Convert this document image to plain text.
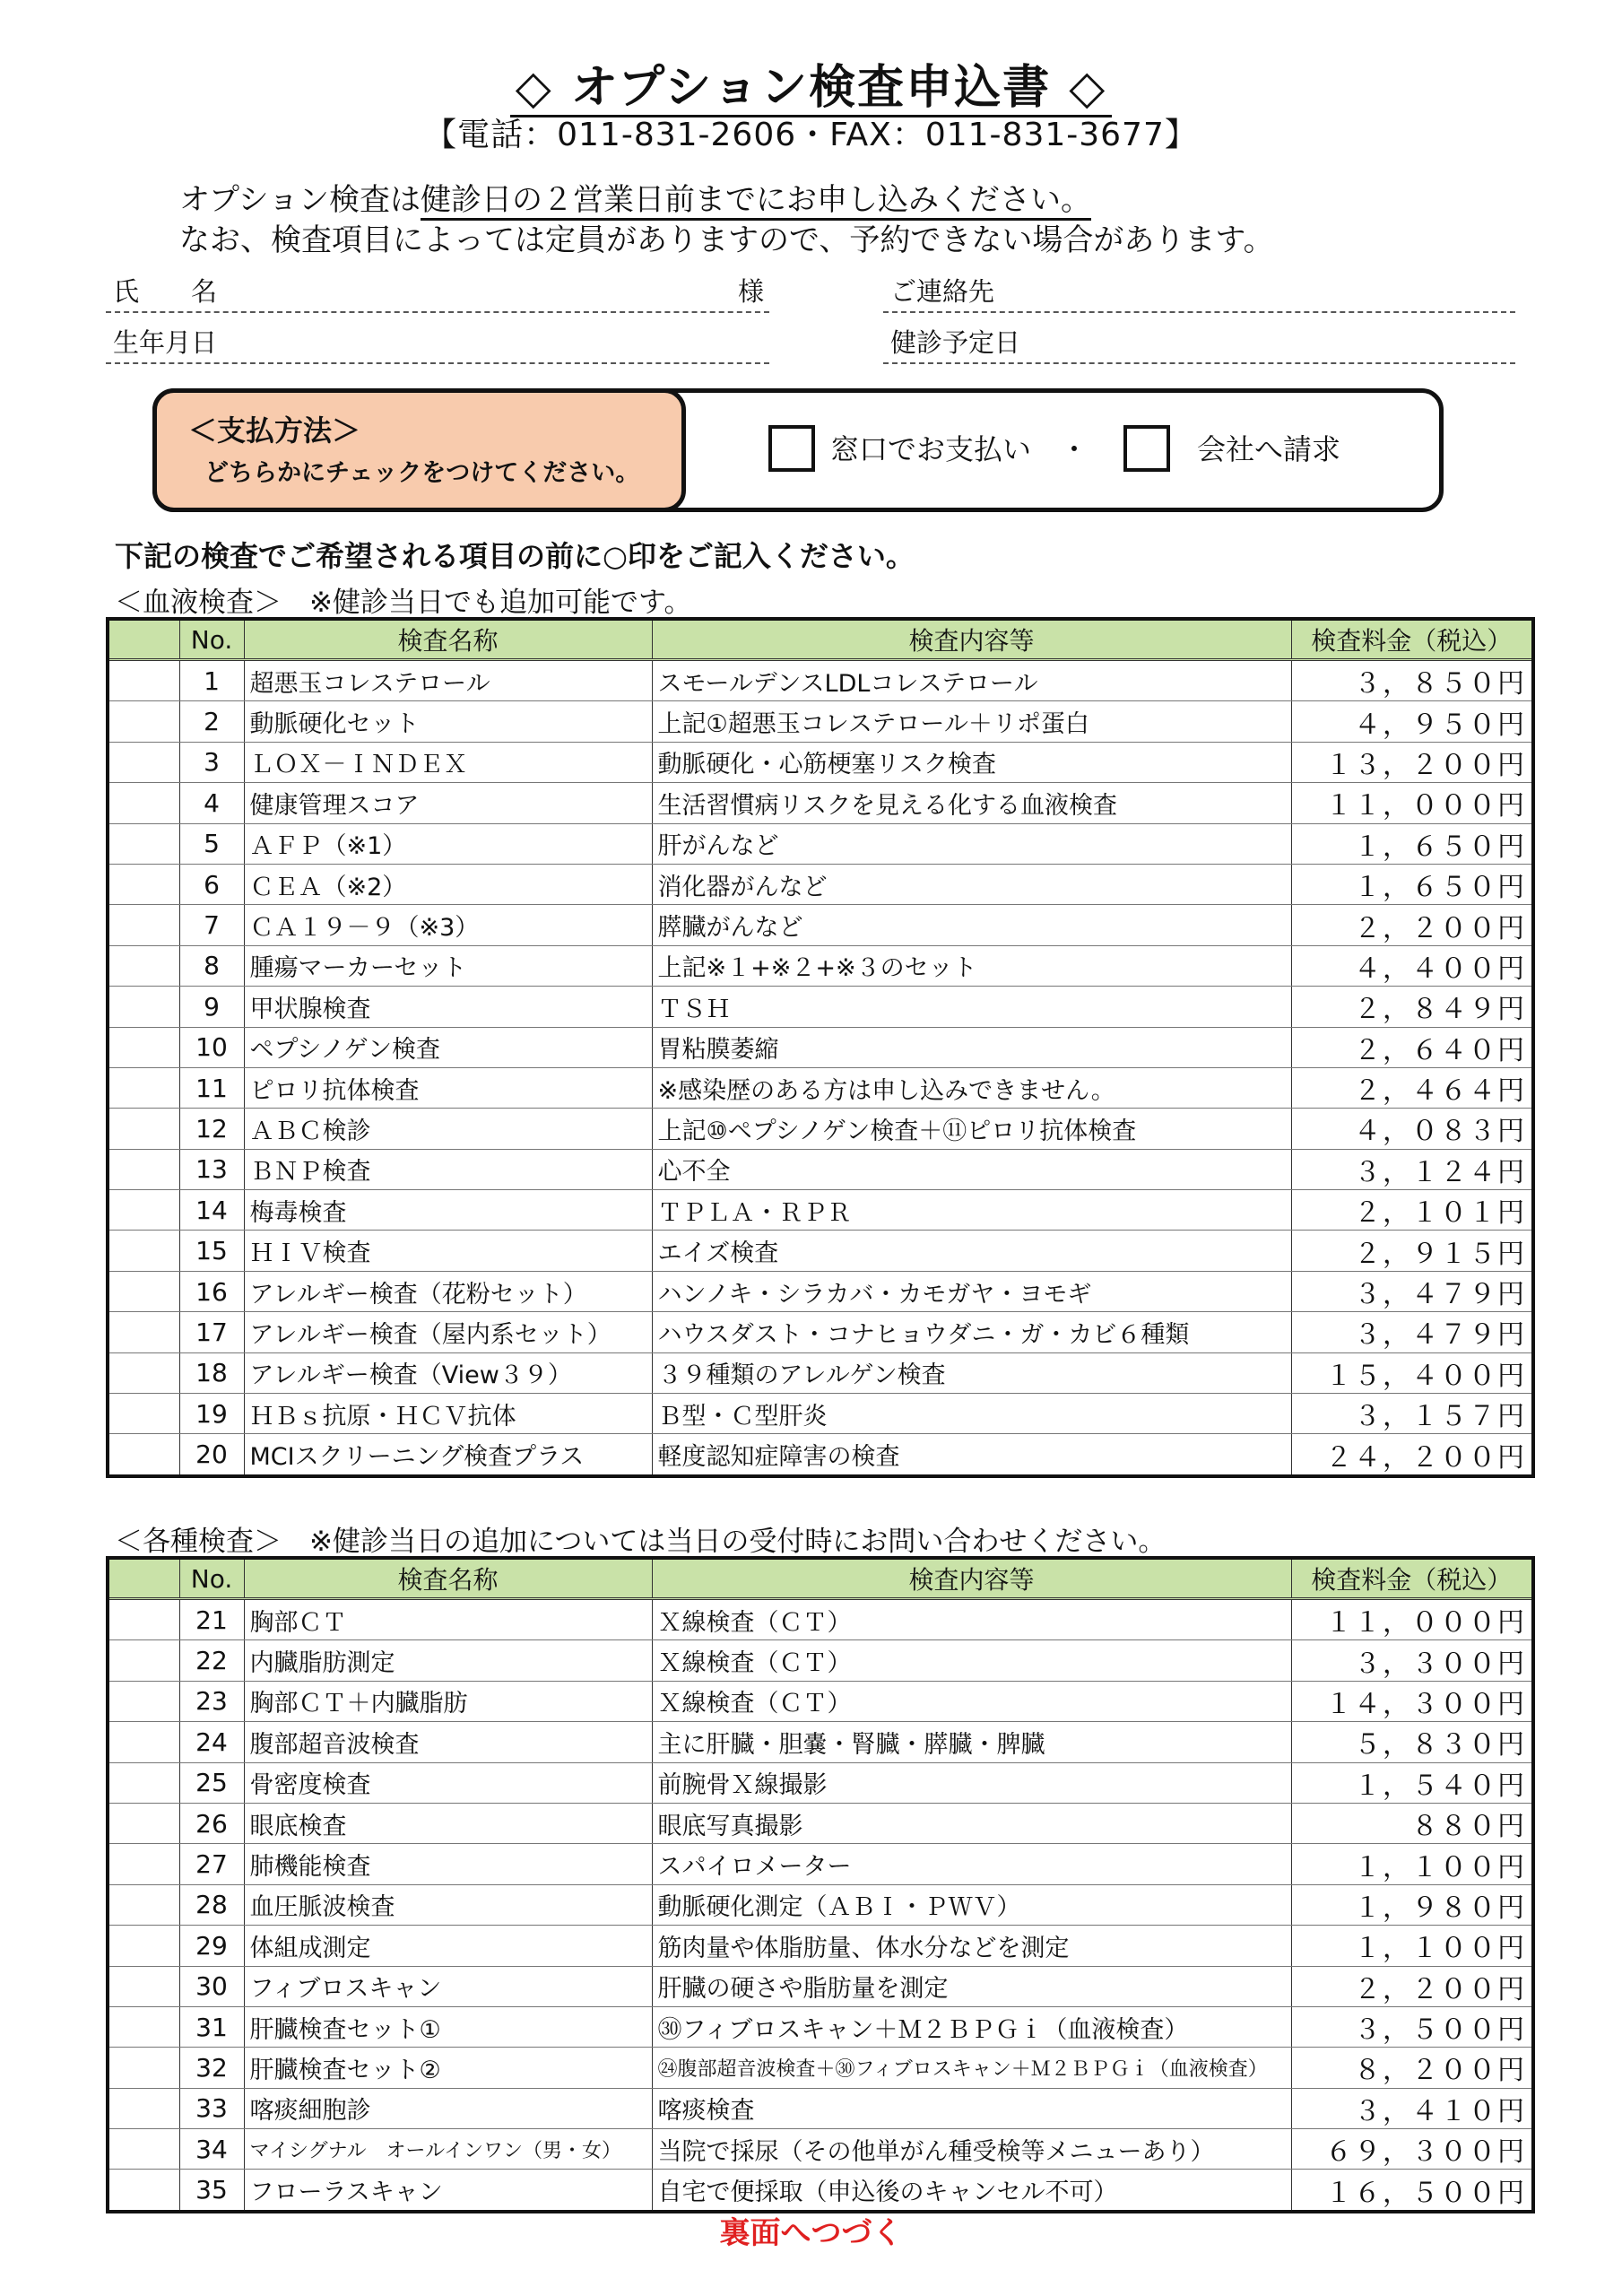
◇ オプション検査申込書 ◇
【電話：011-831-2606・FAX：011-831-3677】
オプション検査は健診日の２営業日前までにお申し込みください。
なお、検査項目によっては定員がありますので、予約できない場合があります。
氏　　名	様	ご連絡先
生年月日	健診予定日
＜支払方法＞
どちらかにチェックをつけてください。
窓口でお支払い　・	会社へ請求
下記の検査でご希望される項目の前に○印をご記入ください。
＜血液検査＞　※健診当日でも追加可能です。
	No.	検査名称	検査内容等	検査料金（税込）
	1	超悪玉コレステロール	スモールデンスLDLコレステロール	３，８５０円
	2	動脈硬化セット	上記①超悪玉コレステロール＋リポ蛋白	４，９５０円
	3	ＬＯＸ－ＩＮＤＥＸ	動脈硬化・心筋梗塞リスク検査	１３，２００円
	4	健康管理スコア	生活習慣病リスクを見える化する血液検査	１１，０００円
	5	ＡＦＰ（※1）	肝がんなど	１，６５０円
	6	ＣＥＡ（※2）	消化器がんなど	１，６５０円
	7	ＣＡ１９－９（※3）	膵臓がんなど	２，２００円
	8	腫瘍マーカーセット	上記※１+※２+※３のセット	４，４００円
	9	甲状腺検査	ＴＳＨ	２，８４９円
	10	ペプシノゲン検査	胃粘膜萎縮	２，６４０円
	11	ピロリ抗体検査	※感染歴のある方は申し込みできません。	２，４６４円
	12	ＡＢＣ検診	上記⑩ペプシノゲン検査＋⑪ピロリ抗体検査	４，０８３円
	13	ＢＮＰ検査	心不全	３，１２４円
	14	梅毒検査	ＴＰＬＡ・ＲＰＲ	２，１０１円
	15	ＨＩＶ検査	エイズ検査	２，９１５円
	16	アレルギー検査（花粉セット）	ハンノキ・シラカバ・カモガヤ・ヨモギ	３，４７９円
	17	アレルギー検査（屋内系セット）	ハウスダスト・コナヒョウダニ・ガ・カビ６種類	３，４７９円
	18	アレルギー検査（View３９）	３９種類のアレルゲン検査	１５，４００円
	19	ＨＢｓ抗原・ＨＣＶ抗体	Ｂ型・Ｃ型肝炎	３，１５７円
	20	MCIスクリーニング検査プラス	軽度認知症障害の検査	２４，２００円
＜各種検査＞　※健診当日の追加については当日の受付時にお問い合わせください。
	No.	検査名称	検査内容等	検査料金（税込）
	21	胸部ＣＴ	Ｘ線検査（ＣＴ）	１１，０００円
	22	内臓脂肪測定	Ｘ線検査（ＣＴ）	３，３００円
	23	胸部ＣＴ＋内臓脂肪	Ｘ線検査（ＣＴ）	１４，３００円
	24	腹部超音波検査	主に肝臓・胆嚢・腎臓・膵臓・脾臓	５，８３０円
	25	骨密度検査	前腕骨Ｘ線撮影	１，５４０円
	26	眼底検査	眼底写真撮影	８８０円
	27	肺機能検査	スパイロメーター	１，１００円
	28	血圧脈波検査	動脈硬化測定（ＡＢＩ・ＰＷＶ）	１，９８０円
	29	体組成測定	筋肉量や体脂肪量、体水分などを測定	１，１００円
	30	フィブロスキャン	肝臓の硬さや脂肪量を測定	２，２００円
	31	肝臓検査セット①	㉚フィブロスキャン＋Ｍ２ＢＰＧｉ（血液検査）	３，５００円
	32	肝臓検査セット②	㉔腹部超音波検査＋㉚フィブロスキャン＋Ｍ２ＢＰＧｉ（血液検査）	８，２００円
	33	喀痰細胞診	喀痰検査	３，４１０円
	34	マイシグナル　オールインワン（男・女）	当院で採尿（その他単がん種受検等メニューあり）	６９，３００円
	35	フローラスキャン	自宅で便採取（申込後のキャンセル不可）	１６，５００円
裏面へつづく
